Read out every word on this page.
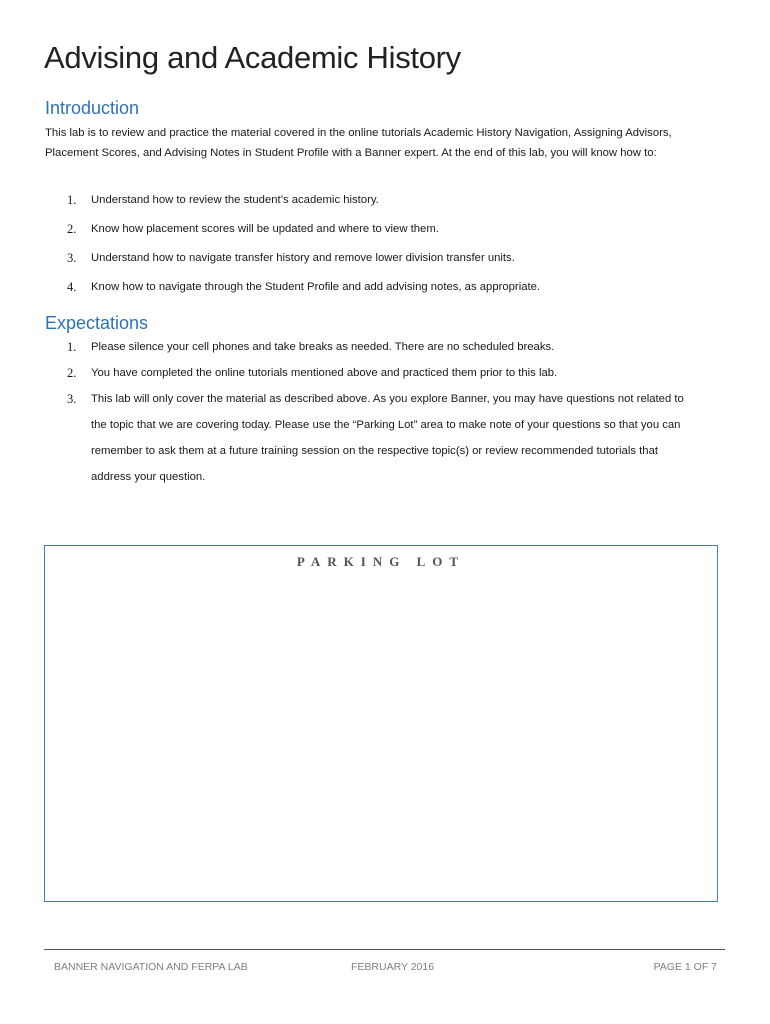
Advising and Academic History
Introduction

This lab is to review and practice the material covered in the online tutorials Academic History Navigation, Assigning Advisors, Placement Scores, and Advising Notes in Student Profile with a Banner expert. At the end of this lab, you will know how to:

1. Understand how to review the student’s academic history.
2. Know how placement scores will be updated and where to view them.
3. Understand how to navigate transfer history and remove lower division transfer units.
4. Know how to navigate through the Student Profile and add advising notes, as appropriate.
Expectations
1. Please silence your cell phones and take breaks as needed. There are no scheduled breaks.
2. You have completed the online tutorials mentioned above and practiced them prior to this lab.
3. This lab will only cover the material as described above. As you explore Banner, you may have questions not related to the topic that we are covering today. Please use the “Parking Lot” area to make note of your questions so that you can remember to ask them at a future training session on the respective topic(s) or review recommended tutorials that address your question.
PARKING LOT
BANNER NAVIGATION AND FERPA LAB	FEBRUARY 2016	PAGE 1 OF 7
